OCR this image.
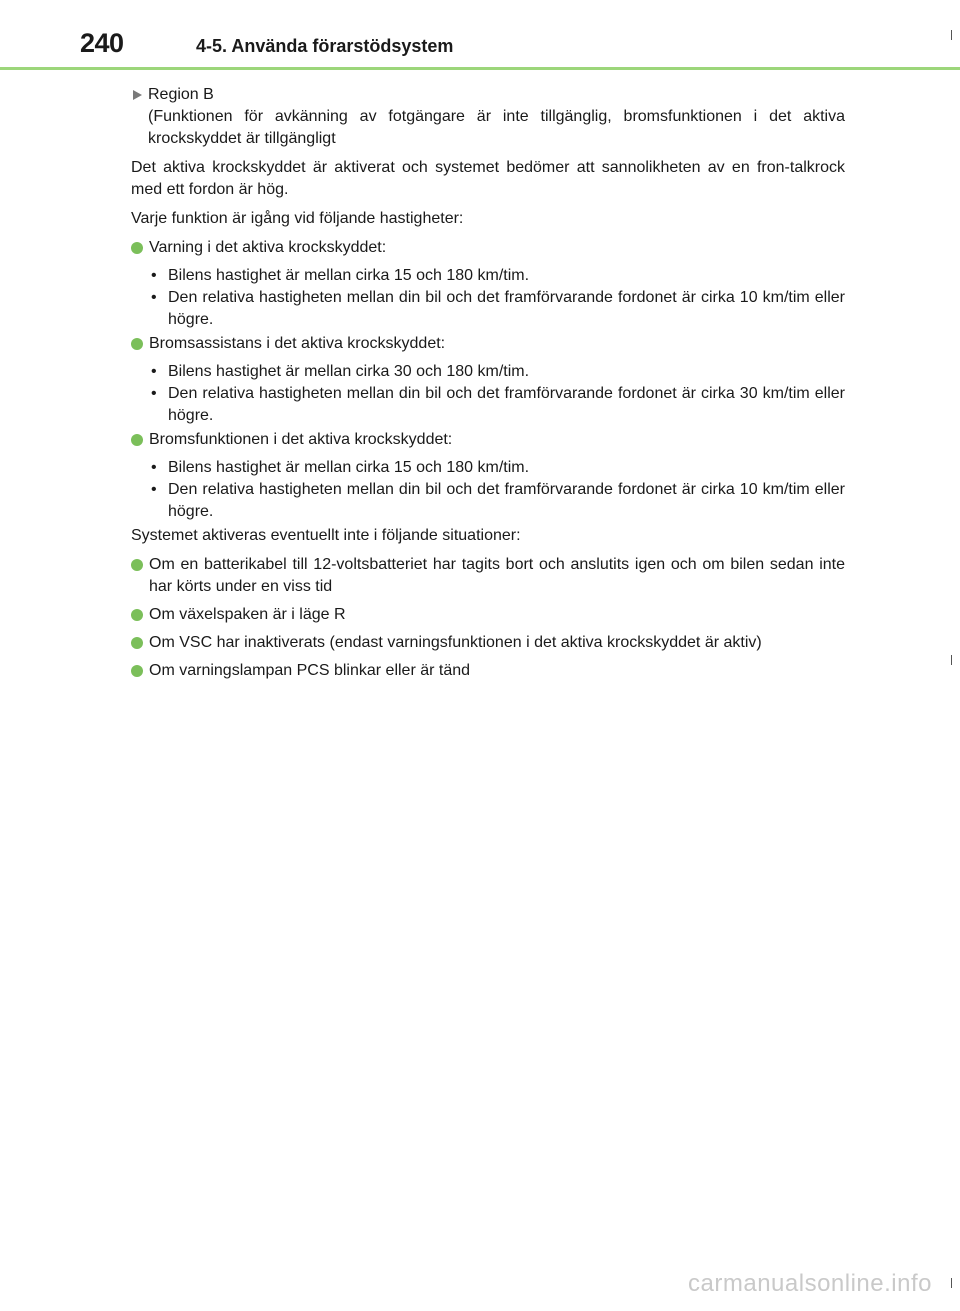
240	4-5. Använda förarstödsystem
Region B
(Funktionen för avkänning av fotgängare är inte tillgänglig, bromsfunktionen i det aktiva krockskyddet är tillgängligt

Det aktiva krockskyddet är aktiverat och systemet bedömer att sannolikheten av en fron-talkrock med ett fordon är hög.

Varje funktion är igång vid följande hastigheter:

Varning i det aktiva krockskyddet:
• Bilens hastighet är mellan cirka 15 och 180 km/tim.
• Den relativa hastigheten mellan din bil och det framförvarande fordonet är cirka 10 km/tim eller högre.
Bromsassistans i det aktiva krockskyddet:
• Bilens hastighet är mellan cirka 30 och 180 km/tim.
• Den relativa hastigheten mellan din bil och det framförvarande fordonet är cirka 30 km/tim eller högre.
Bromsfunktionen i det aktiva krockskyddet:
• Bilens hastighet är mellan cirka 15 och 180 km/tim.
• Den relativa hastigheten mellan din bil och det framförvarande fordonet är cirka 10 km/tim eller högre.

Systemet aktiveras eventuellt inte i följande situationer:

Om en batterikabel till 12-voltsbatteriet har tagits bort och anslutits igen och om bilen sedan inte har körts under en viss tid
Om växelspaken är i läge R
Om VSC har inaktiverats (endast varningsfunktionen i det aktiva krockskyddet är aktiv)
Om varningslampan PCS blinkar eller är tänd
carmanualsonline.info
